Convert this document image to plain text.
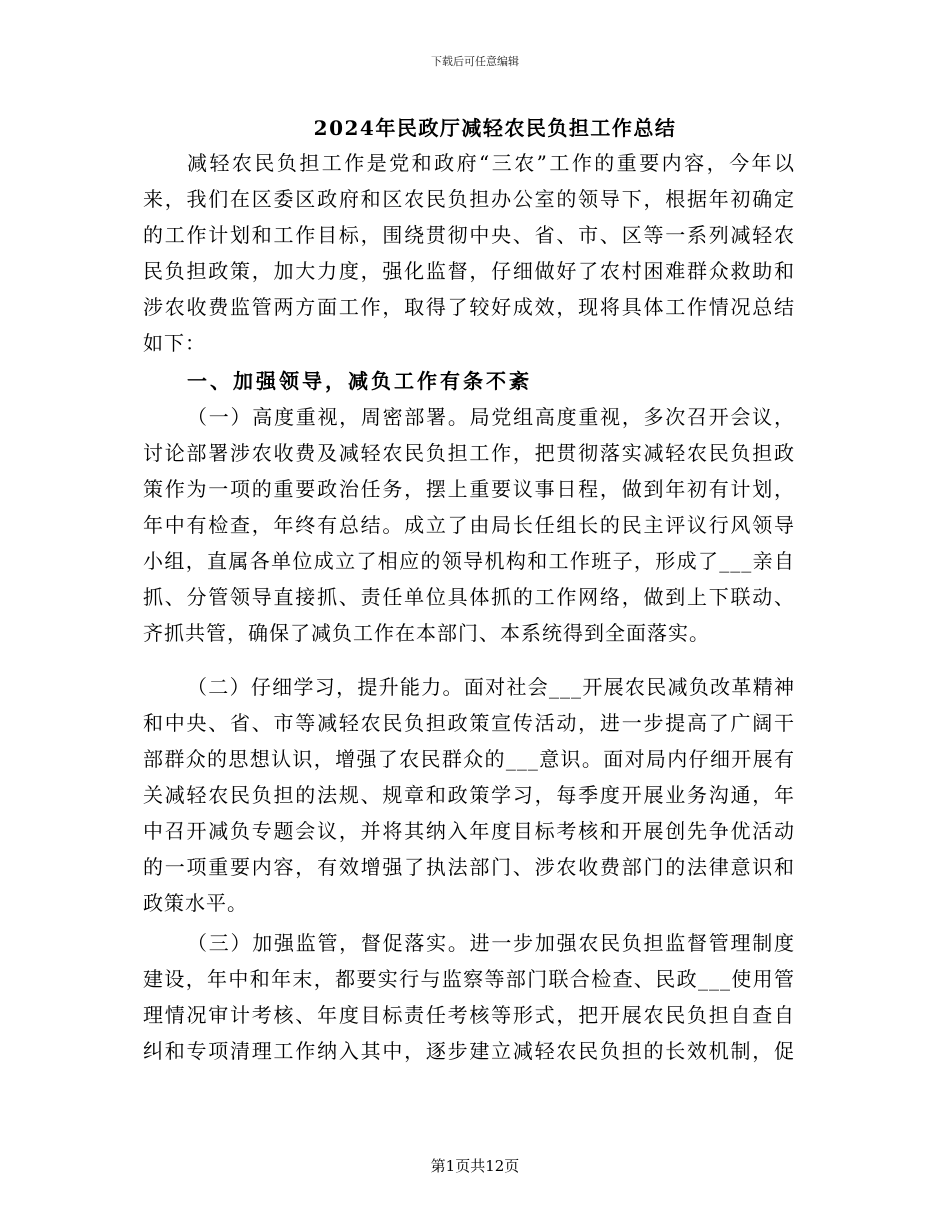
下载后可任意编辑
2024年民政厅减轻农民负担工作总结
减轻农民负担工作是党和政府“三农”工作的重要内容，今年以
来，我们在区委区政府和区农民负担办公室的领导下，根据年初确定
的工作计划和工作目标，围绕贯彻中央、省、市、区等一系列减轻农
民负担政策，加大力度，强化监督，仔细做好了农村困难群众救助和
涉农收费监管两方面工作，取得了较好成效，现将具体工作情况总结
如下：
一、加强领导，减负工作有条不紊
（一）高度重视，周密部署。局党组高度重视，多次召开会议，
讨论部署涉农收费及减轻农民负担工作，把贯彻落实减轻农民负担政
策作为一项的重要政治任务，摆上重要议事日程，做到年初有计划，
年中有检查，年终有总结。成立了由局长任组长的民主评议行风领导
小组，直属各单位成立了相应的领导机构和工作班子，形成了___亲自
抓、分管领导直接抓、责任单位具体抓的工作网络，做到上下联动、
齐抓共管，确保了减负工作在本部门、本系统得到全面落实。
（二）仔细学习，提升能力。面对社会___开展农民减负改革精神
和中央、省、市等减轻农民负担政策宣传活动，进一步提高了广阔干
部群众的思想认识，增强了农民群众的___意识。面对局内仔细开展有
关减轻农民负担的法规、规章和政策学习，每季度开展业务沟通，年
中召开减负专题会议，并将其纳入年度目标考核和开展创先争优活动
的一项重要内容，有效增强了执法部门、涉农收费部门的法律意识和
政策水平。
（三）加强监管，督促落实。进一步加强农民负担监督管理制度
建设，年中和年末，都要实行与监察等部门联合检查、民政___使用管
理情况审计考核、年度目标责任考核等形式，把开展农民负担自查自
纠和专项清理工作纳入其中，逐步建立减轻农民负担的长效机制，促
第1页共12页
